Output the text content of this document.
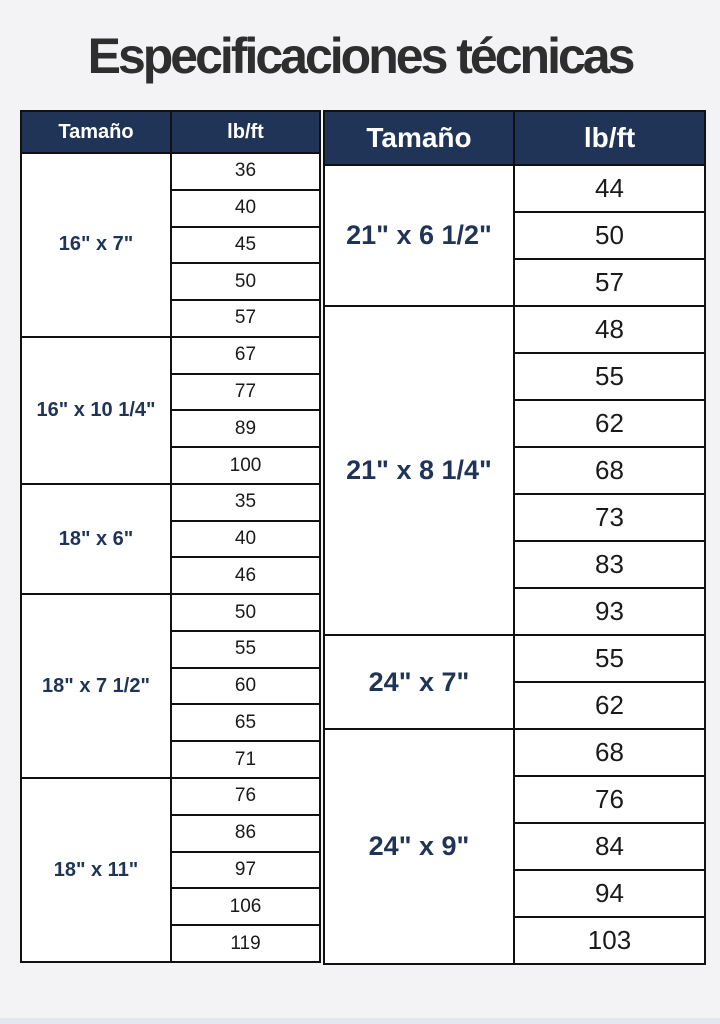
Especificaciones técnicas
Tamaño	lb/ft
16" x 7"	36
	40
	45
	50
	57
16" x 10 1/4"	67
	77
	89
	100
18" x 6"	35
	40
	46
18" x 7 1/2"	50
	55
	60
	65
	71
18" x 11"	76
	86
	97
	106
	119
Tamaño	lb/ft
21" x 6 1/2"	44
	50
	57
21" x 8 1/4"	48
	55
	62
	68
	73
	83
	93
24" x 7"	55
	62
24" x 9"	68
	76
	84
	94
	103
